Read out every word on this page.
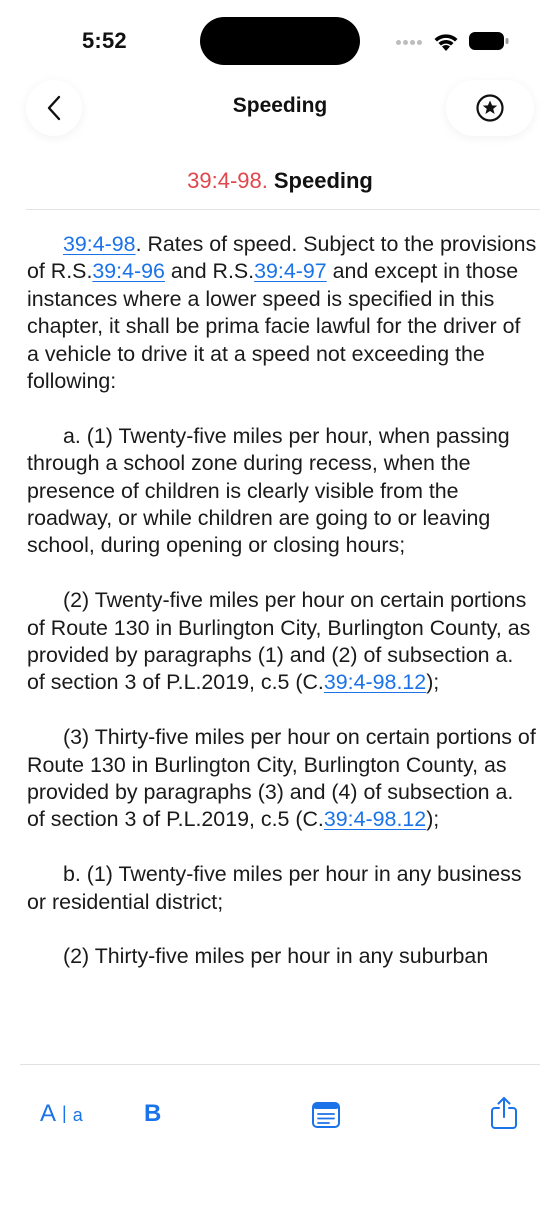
5:52
Speeding
39:4-98. Speeding

39:4-98. Rates of speed. Subject to the provisions of R.S.39:4-96 and R.S.39:4-97 and except in those instances where a lower speed is specified in this chapter, it shall be prima facie lawful for the driver of a vehicle to drive it at a speed not exceeding the following:

a. (1) Twenty-five miles per hour, when passing through a school zone during recess, when the presence of children is clearly visible from the roadway, or while children are going to or leaving school, during opening or closing hours;

(2) Twenty-five miles per hour on certain portions of Route 130 in Burlington City, Burlington County, as provided by paragraphs (1) and (2) of subsection a. of section 3 of P.L.2019, c.5 (C.39:4-98.12);

(3) Thirty-five miles per hour on certain portions of Route 130 in Burlington City, Burlington County, as provided by paragraphs (3) and (4) of subsection a. of section 3 of P.L.2019, c.5 (C.39:4-98.12);

b. (1) Twenty-five miles per hour in any business or residential district;

(2) Thirty-five miles per hour in any suburban

A | a	B
